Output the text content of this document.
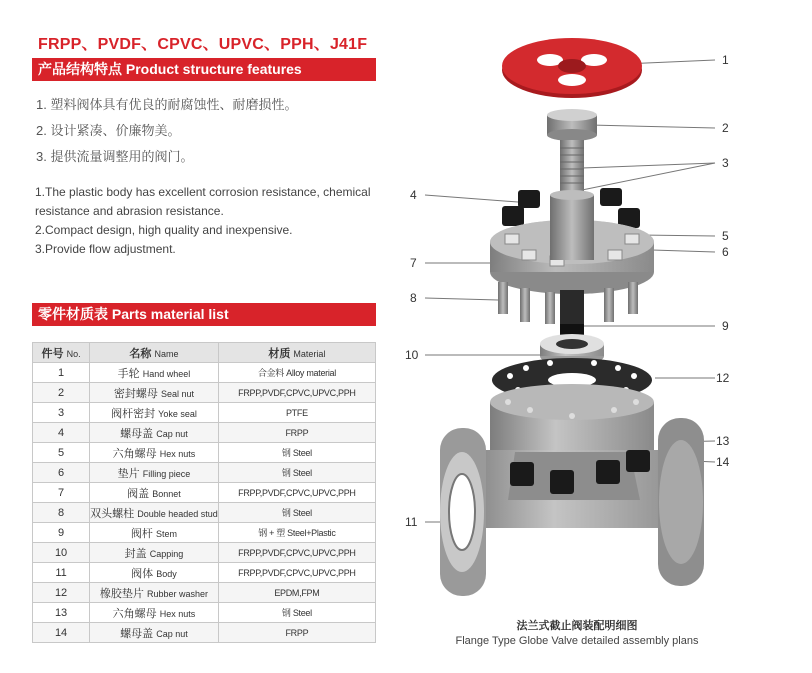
FRPP、PVDF、CPVC、UPVC、PPH、J41F
产品结构特点 Product structure features
1. 塑料阀体具有优良的耐腐蚀性、耐磨损性。
2. 设计紧凑、价廉物美。
3. 提供流量调整用的阀门。
1.The plastic body has excellent corrosion resistance, chemical resistance and abrasion resistance.
2.Compact design, high quality and inexpensive.
3.Provide flow adjustment.
零件材质表 Parts material list
件号 No.	名称 Name	材质 Material
1	手轮 Hand wheel	合金料 Alloy material
2	密封螺母 Seal nut	FRPP,PVDF,CPVC,UPVC,PPH
3	阀杆密封 Yoke seal	PTFE
4	螺母盖 Cap nut	FRPP
5	六角螺母 Hex nuts	钢 Steel
6	垫片 Filling piece	钢 Steel
7	阀盖 Bonnet	FRPP,PVDF,CPVC,UPVC,PPH
8	双头螺柱 Double headed stud	钢 Steel
9	阀杆 Stem	钢 + 塑 Steel+Plastic
10	封盖 Capping	FRPP,PVDF,CPVC,UPVC,PPH
11	阀体 Body	FRPP,PVDF,CPVC,UPVC,PPH
12	橡胶垫片 Rubber washer	EPDM,FPM
13	六角螺母 Hex nuts	钢 Steel
14	螺母盖 Cap nut	FRPP
1
2
3
4
5
6
7
8
9
10
11
12
13
14
法兰式截止阀装配明细图
Flange Type Globe Valve detailed assembly plans
